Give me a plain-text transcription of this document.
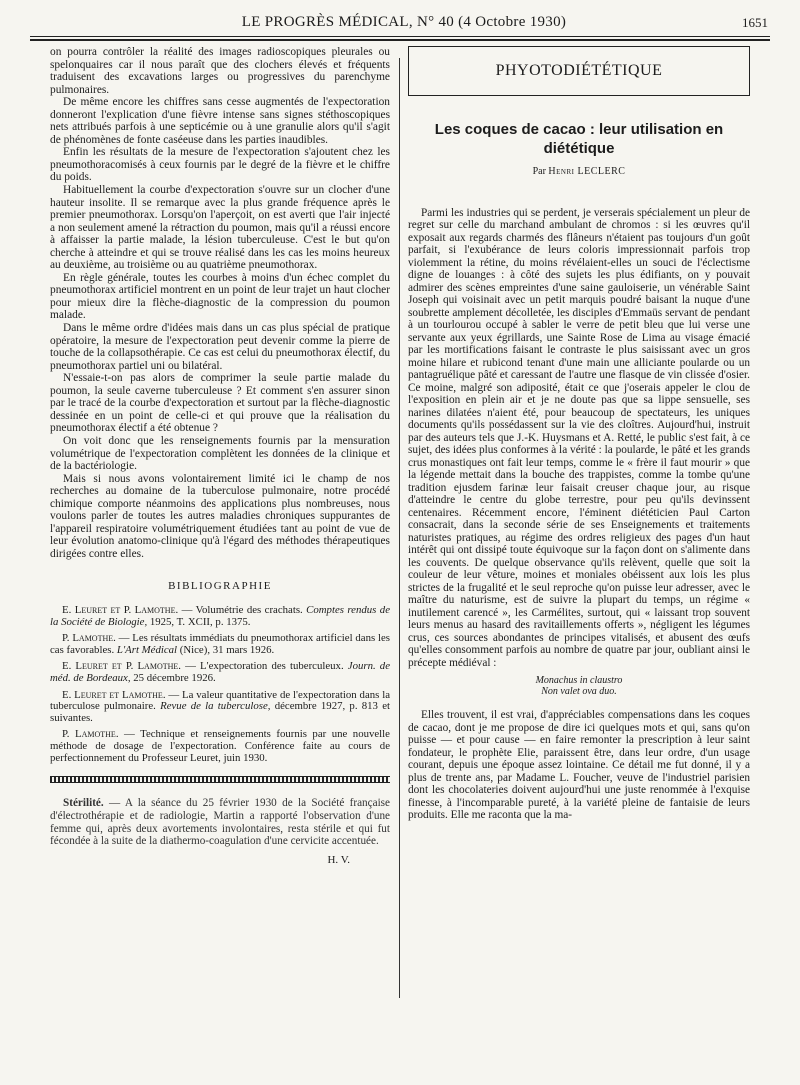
LE PROGRÈS MÉDICAL, N° 40 (4 Octobre 1930)	1651

on pourra contrôler la réalité des images radioscopiques pleurales ou spelonquaires car il nous paraît que des clochers élevés et fréquents traduisent des excavations larges ou progressives du parenchyme pulmonaires.

De même encore les chiffres sans cesse augmentés de l'expectoration donneront l'explication d'une fièvre intense sans signes stéthoscopiques nets attribués parfois à une septicémie ou à une granulie alors qu'il s'agit de phénomènes de fonte caséeuse dans les parties inaudibles.

Enfin les résultats de la mesure de l'expectoration s'ajoutent chez les pneumothoracomisés à ceux fournis par le degré de la fièvre et le chiffre du poids.

Habituellement la courbe d'expectoration s'ouvre sur un clocher d'une hauteur insolite. Il se remarque avec la plus grande fréquence après le premier pneumothorax. Lorsqu'on l'aperçoit, on est averti que l'air injecté a non seulement amené la rétraction du poumon, mais qu'il a réussi encore à affaisser la partie malade, la lésion tuberculeuse. C'est le but qu'on cherche à atteindre et qui se trouve réalisé dans les cas les moins heureux au deuxième, au troisième ou au quatrième pneumothorax.

En règle générale, toutes les courbes à moins d'un échec complet du pneumothorax artificiel montrent en un point de leur trajet un haut clocher pour mieux dire la flèche-diagnostic de la compression du poumon malade.

Dans le même ordre d'idées mais dans un cas plus spécial de pratique opératoire, la mesure de l'expectoration peut devenir comme la pierre de touche de la collapsothérapie. Ce cas est celui du pneumothorax électif, du pneumothorax partiel uni ou bilatéral.

N'essaie-t-on pas alors de comprimer la seule partie malade du poumon, la seule caverne tuberculeuse ? Et comment s'en assurer sinon par le tracé de la courbe d'expectoration et surtout par la flèche-diagnostic dessinée en un point de celle-ci et qui prouve que la réalisation du pneumothorax électif a été obtenue ?

On voit donc que les renseignements fournis par la mensuration volumétrique de l'expectoration complètent les données de la clinique et de la bactériologie.

Mais si nous avons volontairement limité ici le champ de nos recherches au domaine de la tuberculose pulmonaire, notre procédé chimique comporte néanmoins des applications plus nombreuses, nous voulons parler de toutes les autres maladies chroniques suppurantes de l'appareil respiratoire volumétriquement étudiées tant au point de vue de leur évolution anatomo-clinique qu'à l'égard des méthodes thérapeutiques dirigées contre elles.

BIBLIOGRAPHIE

E. Leuret et P. Lamothe. — Volumétrie des crachats. Comptes rendus de la Société de Biologie, 1925, T. XCII, p. 1375.

P. Lamothe. — Les résultats immédiats du pneumothorax artificiel dans les cas favorables. L'Art Médical (Nice), 31 mars 1926.

E. Leuret et P. Lamothe. — L'expectoration des tuberculeux. Journ. de méd. de Bordeaux, 25 décembre 1926.

E. Leuret et Lamothe. — La valeur quantitative de l'expectoration dans la tuberculose pulmonaire. Revue de la tuberculose, décembre 1927, p. 813 et suivantes.

P. Lamothe. — Technique et renseignements fournis par une nouvelle méthode de dosage de l'expectoration. Conférence faite au cours de perfectionnement du Professeur Leuret, juin 1930.

Stérilité. — A la séance du 25 février 1930 de la Société française d'électrothérapie et de radiologie, Martin a rapporté l'observation d'une femme qui, après deux avortements involontaires, resta stérile et qui fut fécondée à la suite de la diathermo-coagulation d'une cervicite accentuée.

H. V.
PHYOTODIÉTÉTIQUE
Les coques de cacao : leur utilisation en diététique
Par Henri LECLERC

Parmi les industries qui se perdent, je verserais spécialement un pleur de regret sur celle du marchand ambulant de chromos : si les œuvres qu'il exposait aux regards charmés des flâneurs n'étaient pas toujours d'un goût parfait, si l'exubérance de leurs coloris impressionnait parfois trop violemment la rétine, du moins révélaient-elles un souci de l'éclectisme digne de louanges : à côté des sujets les plus édifiants, on y pouvait admirer des scènes empreintes d'une saine gauloiserie, un vénérable Saint Joseph qui voisinait avec un petit marquis poudré baisant la nuque d'une soubrette amplement décolletée, les disciples d'Emmaüs servant de pendant à un tourlourou occupé à sabler le verre de petit bleu que lui verse une servante aux yeux égrillards, une Sainte Rose de Lima au visage émacié par les mortifications faisant le contraste le plus saisissant avec un gros moine hilare et rubicond tenant d'une main une alliciante poularde ou un pantagruélique pâté et caressant de l'autre une flasque de vin clissée d'osier. Ce moine, malgré son adiposité, était ce que j'oserais appeler le clou de l'exposition en plein air et je ne doute pas que sa lippe sensuelle, ses narines dilatées n'aient été, pour beaucoup de spectateurs, les uniques documents qu'ils possédassent sur la vie des cloîtres. Aujourd'hui, instruit par des auteurs tels que J.-K. Huysmans et A. Retté, le public s'est fait, à ce sujet, des idées plus conformes à la vérité : la poularde, le pâté et les grands crus monastiques ont fait leur temps, comme le « frère il faut mourir » que la légende mettait dans la bouche des trappistes, comme la tombe qu'une tradition ejusdem farinæ leur faisait creuser chaque jour, au risque d'atteindre le centre du globe terrestre, pour peu qu'ils devinssent centenaires. Récemment encore, l'éminent diététicien Paul Carton consacrait, dans la seconde série de ses Enseignements et traitements naturistes pratiques, au régime des ordres religieux des pages d'un haut intérêt qui ont dissipé toute équivoque sur la façon dont on s'alimente dans les couvents. De quelque observance qu'ils relèvent, quelle que soit la couleur de leur vêture, moines et moniales obéissent aux lois les plus strictes de la frugalité et le seul reproche qu'on puisse leur adresser, avec le maître du naturisme, est de suivre la plupart du temps, un régime « inutilement carencé », les Carmélites, surtout, qui « laissant trop souvent leurs menus au hasard des ravitaillements offerts », négligent les légumes crus, ces sources abondantes de principes vitalisés, et abusent des œufs qu'elles consomment parfois au nombre de quatre par jour, oubliant ainsi le précepte médiéval :

Monachus in claustro
Non valet ova duo.

Elles trouvent, il est vrai, d'appréciables compensations dans les coques de cacao, dont je me propose de dire ici quelques mots et qui, sans qu'on puisse — et pour cause — en faire remonter la prescription à leur saint fondateur, le prophète Elie, paraissent être, dans leur ordre, d'un usage courant, depuis une époque assez lointaine. Ce détail me fut donné, il y a plus de trente ans, par Madame L. Foucher, veuve de l'industriel parisien dont les chocolateries doivent aujourd'hui une juste renommée à l'exquise finesse, à l'incomparable pureté, à la variété pleine de fantaisie de leurs produits. Elle me raconta que la ma-
